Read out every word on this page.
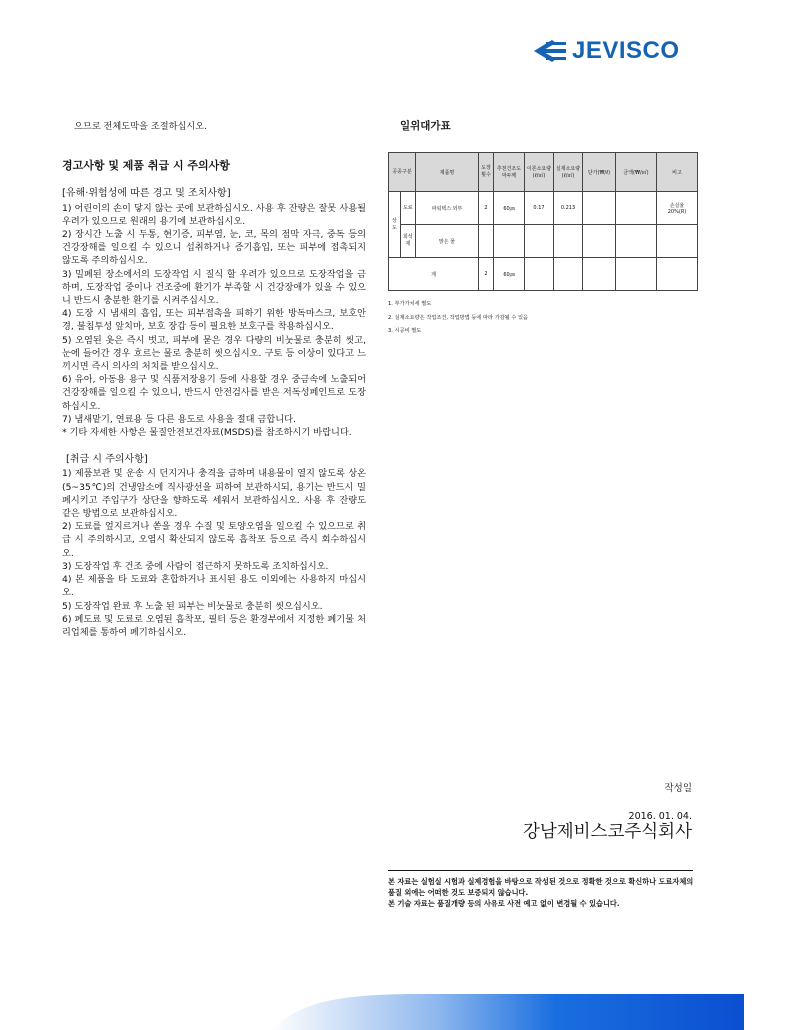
JEVISCO

으므로 전체도막을 조절하십시오.

경고사항 및 제품 취급 시 주의사항

[유해·위험성에 따른 경고 및 조치사항]

1) 어린이의 손이 닿지 않는 곳에 보관하십시오. 사용 후 잔량은 잘못 사용될 우려가 있으므로 원래의 용기에 보관하십시오.

2) 장시간 노출 시 두통, 현기증, 피부염, 눈, 코, 목의 점막 자극, 중독 등의 건강장해를 일으킬 수 있으니 섭취하거나 증기흡입, 또는 피부에 접촉되지 않도록 주의하십시오.

3) 밀폐된 장소에서의 도장작업 시 질식 할 우려가 있으므로 도장작업을 금하며, 도장작업 중이나 건조중에 환기가 부족할 시 건강장애가 있을 수 있으니 반드시 충분한 환기를 시켜주십시오.

4) 도장 시 냄새의 흡입, 또는 피부접촉을 피하기 위한 방독마스크, 보호안경, 불침투성 앞치마, 보호 장갑 등이 필요한 보호구를 착용하십시오.

5) 오염된 옷은 즉시 벗고, 피부에 묻은 경우 다량의 비눗물로 충분히 씻고, 눈에 들어간 경우 흐르는 물로 충분히 씻으십시오. 구토 등 이상이 있다고 느끼시면 즉시 의사의 처치를 받으십시오.

6) 유아, 아동용 용구 및 식품저장용기 등에 사용할 경우 중금속에 노출되어 건강장해를 일으킬 수 있으니, 반드시 안전검사를 받은 저독성페인트로 도장하십시오.

7) 냄새맡기, 연료용 등 다른 용도로 사용을 절대 금합니다.

* 기타 자세한 사항은 물질안전보건자료(MSDS)를 참조하시기 바랍니다.

[취급 시 주의사항]

1) 제품보관 및 운송 시 던지거나 충격을 금하며 내용물이 열지 않도록 상온(5~35℃)의 건냉암소에 직사광선을 피하여 보관하시되, 용기는 반드시 밀폐시키고 주입구가 상단을 향하도록 세워서 보관하십시오. 사용 후 잔량도 같은 방법으로 보관하십시오.

2) 도료를 엎지르거나 쏟을 경우 수질 및 토양오염을 일으킬 수 있으므로 취급 시 주의하시고, 오염시 확산되지 않도록 흡착포 등으로 즉시 회수하십시오.

3) 도장작업 후 건조 중에 사람이 접근하지 못하도록 조치하십시오.

4) 본 제품을 타 도료와 혼합하거나 표시된 용도 이외에는 사용하지 마십시오.

5) 도장작업 완료 후 노출 된 피부는 비눗물로 충분히 씻으십시오.

6) 폐도료 및 도료로 오염된 흡착포, 필터 등은 환경부에서 지정한 폐기물 처리업체를 통하여 폐기하십시오.

일위대가표
공종구분		제품명	도장횟수	추천건조도막두께	이론소요량(ℓ/㎡)	실제소요량(ℓ/㎡)	단가(₩/ℓ)	금액(₩/㎡)	비고
상도	도료	파워텍스 외부	2	60㎛	0.17	0.213			손실율
20%(R)

	희석제	맑은 물							
계			2	60㎛					

1. 부가가치세 별도

2. 실제소요량은 작업조건, 작업방법 등에 따라 가감될 수 있음

3. 시공비 별도

작성일
2016. 01. 04.
강남제비스코주식회사

본 자료는 실험실 시험과 실제경험을 바탕으로 작성된 것으로 정확한 것으로 확신하나 도료자체의 품질 외에는 어떠한 것도 보증되지 않습니다.

본 기술 자료는 품질개량 등의 사유로 사전 예고 없이 변경될 수 있습니다.
